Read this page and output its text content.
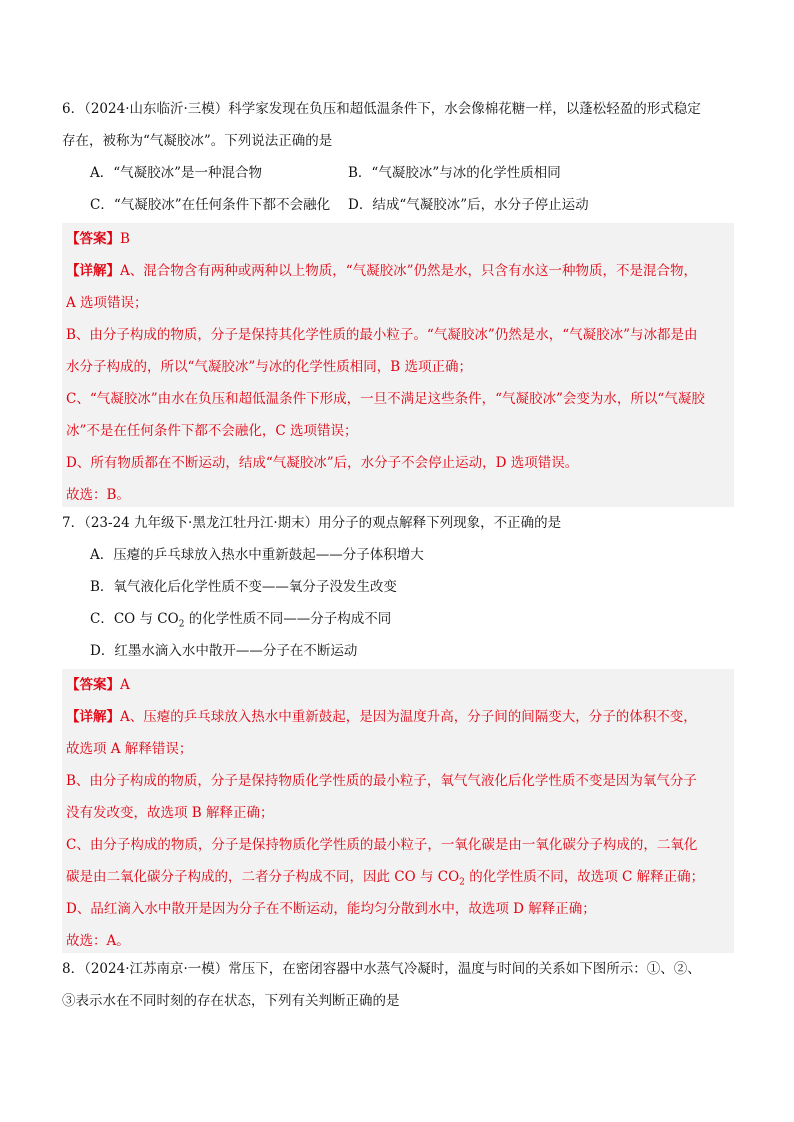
6．（2024·山东临沂·三模）科学家发现在负压和超低温条件下，水会像棉花糖一样，以蓬松轻盈的形式稳定

存在，被称为“气凝胶冰”。下列说法正确的是

A．“气凝胶冰”是一种混合物	B．“气凝胶冰”与冰的化学性质相同
C．“气凝胶冰”在任何条件下都不会融化	D．结成“气凝胶冰”后，水分子停止运动

【答案】B

【详解】A、混合物含有两种或两种以上物质，“气凝胶冰”仍然是水，只含有水这一种物质，不是混合物，

A 选项错误；

B、由分子构成的物质，分子是保持其化学性质的最小粒子。“气凝胶冰”仍然是水，“气凝胶冰”与冰都是由

水分子构成的，所以“气凝胶冰”与冰的化学性质相同，B 选项正确；

C、“气凝胶冰”由水在负压和超低温条件下形成，一旦不满足这些条件，“气凝胶冰”会变为水，所以“气凝胶

冰”不是在任何条件下都不会融化，C 选项错误；

D、所有物质都在不断运动，结成“气凝胶冰”后，水分子不会停止运动，D 选项错误。

故选：B。

7．（23-24 九年级下·黑龙江牡丹江·期末）用分子的观点解释下列现象，不正确的是

A．压瘪的乒乓球放入热水中重新鼓起——分子体积增大

B．氧气液化后化学性质不变——氧分子没发生改变

C．CO 与 $CO_2$ 的化学性质不同——分子构成不同

D．红墨水滴入水中散开——分子在不断运动

【答案】A

【详解】A、压瘪的乒乓球放入热水中重新鼓起，是因为温度升高，分子间的间隔变大，分子的体积不变，

故选项 A 解释错误；

B、由分子构成的物质，分子是保持物质化学性质的最小粒子，氧气气液化后化学性质不变是因为氧气分子

没有发改变，故选项 B 解释正确；

C、由分子构成的物质，分子是保持物质化学性质的最小粒子，一氧化碳是由一氧化碳分子构成的，二氧化

碳是由二氧化碳分子构成的，二者分子构成不同，因此 CO 与 $CO_2$ 的化学性质不同，故选项 C 解释正确；

D、品红滴入水中散开是因为分子在不断运动，能均匀分散到水中，故选项 D 解释正确；

故选：A。

8．（2024·江苏南京·一模）常压下，在密闭容器中水蒸气冷凝时，温度与时间的关系如下图所示：①、②、

③表示水在不同时刻的存在状态，下列有关判断正确的是
